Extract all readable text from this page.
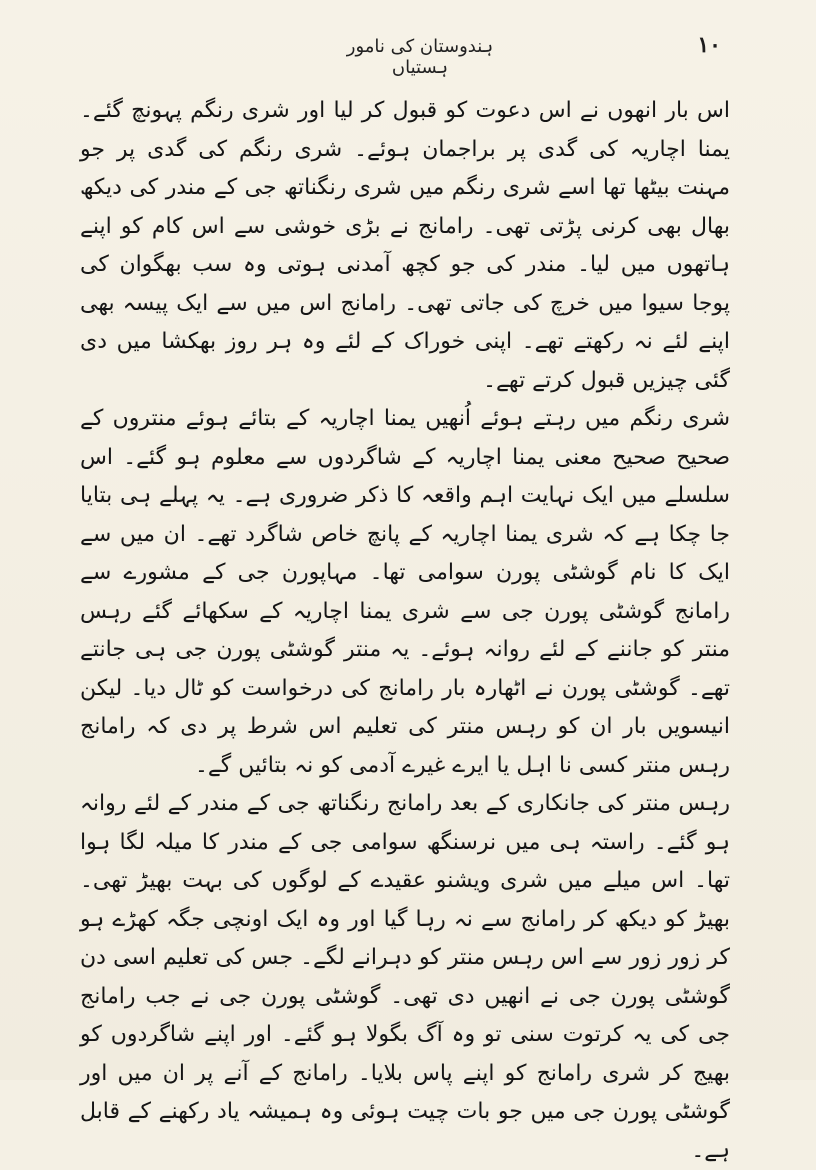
ہندوستان کی نامور ہستیاں
۱۰

اس بار انھوں نے اس دعوت کو قبول کر لیا اور شری رنگم پہونچ گئے۔ یمنا اچاریہ کی گدی پر براجمان ہوئے۔ شری رنگم کی گدی پر جو مہنت بیٹھا تھا اسے شری رنگم میں شری رنگناتھ جی کے مندر کی دیکھ بھال بھی کرنی پڑتی تھی۔ رامانج نے بڑی خوشی سے اس کام کو اپنے ہاتھوں میں لیا۔ مندر کی جو کچھ آمدنی ہوتی وہ سب بھگوان کی پوجا سیوا میں خرچ کی جاتی تھی۔ رامانج اس میں سے ایک پیسہ بھی اپنے لئے نہ رکھتے تھے۔ اپنی خوراک کے لئے وہ ہر روز بھکشا میں دی گئی چیزیں قبول کرتے تھے۔

شری رنگم میں رہتے ہوئے اُنھیں یمنا اچاریہ کے بتائے ہوئے منتروں کے صحیح صحیح معنی یمنا اچاریہ کے شاگردوں سے معلوم ہو گئے۔ اس سلسلے میں ایک نہایت اہم واقعہ کا ذکر ضروری ہے۔ یہ پہلے ہی بتایا جا چکا ہے کہ شری یمنا اچاریہ کے پانچ خاص شاگرد تھے۔ ان میں سے ایک کا نام گوشٹی پورن سوامی تھا۔ مہاپورن جی کے مشورے سے رامانج گوشٹی پورن جی سے شری یمنا اچاریہ کے سکھائے گئے رہس منتر کو جاننے کے لئے روانہ ہوئے۔ یہ منتر گوشٹی پورن جی ہی جانتے تھے۔ گوشٹی پورن نے اٹھارہ بار رامانج کی درخواست کو ٹال دیا۔ لیکن انیسویں بار ان کو رہس منتر کی تعلیم اس شرط پر دی کہ رامانج رہس منتر کسی نا اہل یا ایرے غیرے آدمی کو نہ بتائیں گے۔

رہس منتر کی جانکاری کے بعد رامانج رنگناتھ جی کے مندر کے لئے روانہ ہو گئے۔ راستہ ہی میں نرسنگھ سوامی جی کے مندر کا میلہ لگا ہوا تھا۔ اس میلے میں شری ویشنو عقیدے کے لوگوں کی بہت بھیڑ تھی۔ بھیڑ کو دیکھ کر رامانج سے نہ رہا گیا اور وہ ایک اونچی جگہ کھڑے ہو کر زور زور سے اس رہس منتر کو دہرانے لگے۔ جس کی تعلیم اسی دن گوشٹی پورن جی نے انھیں دی تھی۔ گوشٹی پورن جی نے جب رامانج جی کی یہ کرتوت سنی تو وہ آگ بگولا ہو گئے۔ اور اپنے شاگردوں کو بھیج کر شری رامانج کو اپنے پاس بلایا۔ رامانج کے آنے پر ان میں اور گوشٹی پورن جی میں جو بات چیت ہوئی وہ ہمیشہ یاد رکھنے کے قابل ہے۔
